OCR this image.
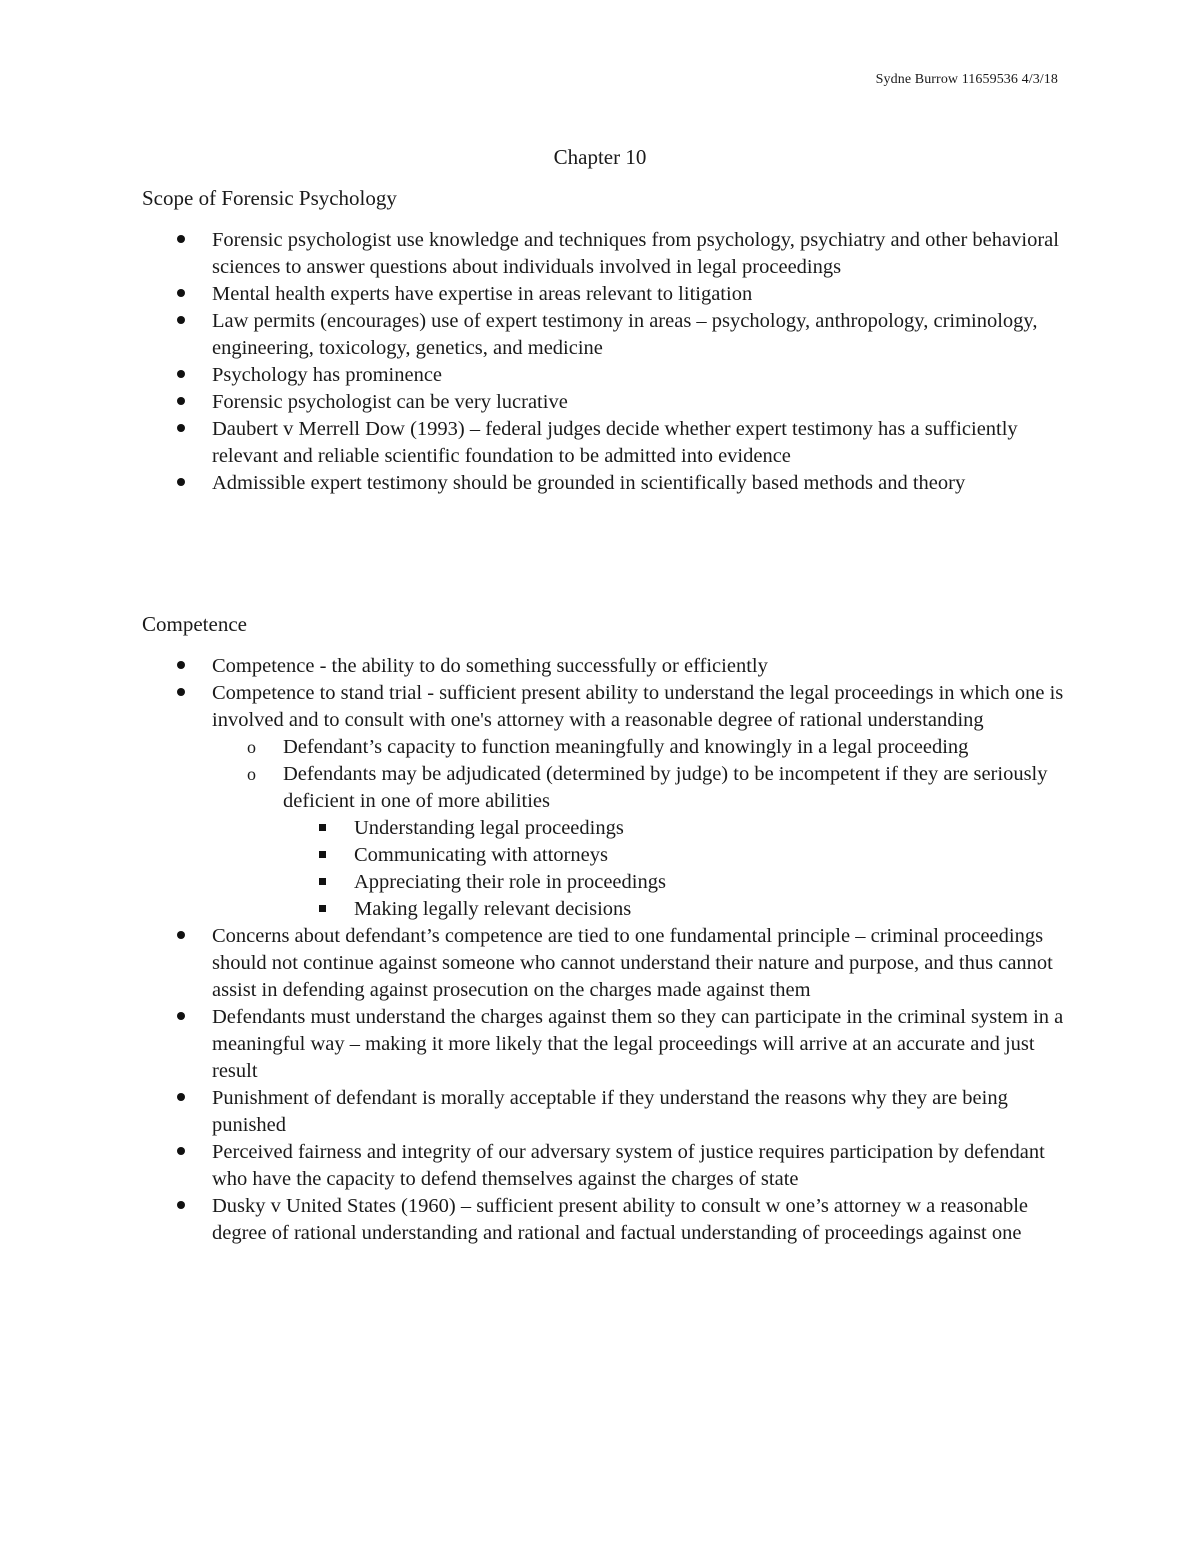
Sydne Burrow 11659536 4/3/18
Chapter 10
Scope of Forensic Psychology
Forensic psychologist use knowledge and techniques from psychology, psychiatry and other behavioral sciences to answer questions about individuals involved in legal proceedings
Mental health experts have expertise in areas relevant to litigation
Law permits (encourages) use of expert testimony in areas – psychology, anthropology, criminology, engineering, toxicology, genetics, and medicine
Psychology has prominence
Forensic psychologist can be very lucrative
Daubert v Merrell Dow (1993) – federal judges decide whether expert testimony has a sufficiently relevant and reliable scientific foundation to be admitted into evidence
Admissible expert testimony should be grounded in scientifically based methods and theory
Competence
Competence - the ability to do something successfully or efficiently
Competence to stand trial - sufficient present ability to understand the legal proceedings in which one is involved and to consult with one's attorney with a reasonable degree of rational understanding
o Defendant’s capacity to function meaningfully and knowingly in a legal proceeding
o Defendants may be adjudicated (determined by judge) to be incompetent if they are seriously deficient in one of more abilities
Understanding legal proceedings
Communicating with attorneys
Appreciating their role in proceedings
Making legally relevant decisions
Concerns about defendant’s competence are tied to one fundamental principle – criminal proceedings should not continue against someone who cannot understand their nature and purpose, and thus cannot assist in defending against prosecution on the charges made against them
Defendants must understand the charges against them so they can participate in the criminal system in a meaningful way – making it more likely that the legal proceedings will arrive at an accurate and just result
Punishment of defendant is morally acceptable if they understand the reasons why they are being punished
Perceived fairness and integrity of our adversary system of justice requires participation by defendant who have the capacity to defend themselves against the charges of state
Dusky v United States (1960) – sufficient present ability to consult w one’s attorney w a reasonable degree of rational understanding and rational and factual understanding of proceedings against one
